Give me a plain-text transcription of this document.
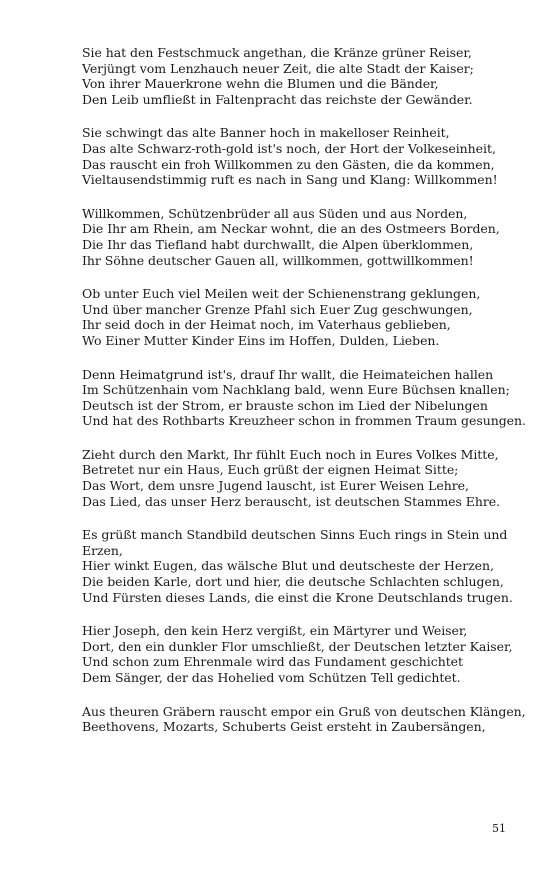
Sie hat den Festschmuck angethan, die Kränze grüner Reiser,
Verjüngt vom Lenzhauch neuer Zeit, die alte Stadt der Kaiser;
Von ihrer Mauerkrone wehn die Blumen und die Bänder,
Den Leib umfließt in Faltenpracht das reichste der Gewänder.
Sie schwingt das alte Banner hoch in makelloser Reinheit,
Das alte Schwarz-roth-gold ist's noch, der Hort der Volkeseinheit,
Das rauscht ein froh Willkommen zu den Gästen, die da kommen,
Vieltausendstimmig ruft es nach in Sang und Klang: Willkommen!
Willkommen, Schützenbrüder all aus Süden und aus Norden,
Die Ihr am Rhein, am Neckar wohnt, die an des Ostmeers Borden,
Die Ihr das Tiefland habt durchwallt, die Alpen überklommen,
Ihr Söhne deutscher Gauen all, willkommen, gottwillkommen!
Ob unter Euch viel Meilen weit der Schienenstrang geklungen,
Und über mancher Grenze Pfahl sich Euer Zug geschwungen,
Ihr seid doch in der Heimat noch, im Vaterhaus geblieben,
Wo Einer Mutter Kinder Eins im Hoffen, Dulden, Lieben.
Denn Heimatgrund ist's, drauf Ihr wallt, die Heimateichen hallen
Im Schützenhain vom Nachklang bald, wenn Eure Büchsen knallen;
Deutsch ist der Strom, er brauste schon im Lied der Nibelungen
Und hat des Rothbarts Kreuzheer schon in frommen Traum gesungen.
Zieht durch den Markt, Ihr fühlt Euch noch in Eures Volkes Mitte,
Betretet nur ein Haus, Euch grüßt der eignen Heimat Sitte;
Das Wort, dem unsre Jugend lauscht, ist Eurer Weisen Lehre,
Das Lied, das unser Herz berauscht, ist deutschen Stammes Ehre.
Es grüßt manch Standbild deutschen Sinns Euch rings in Stein und Erzen,
Hier winkt Eugen, das wälsche Blut und deutscheste der Herzen,
Die beiden Karle, dort und hier, die deutsche Schlachten schlugen,
Und Fürsten dieses Lands, die einst die Krone Deutschlands trugen.
Hier Joseph, den kein Herz vergißt, ein Märtyrer und Weiser,
Dort, den ein dunkler Flor umschließt, der Deutschen letzter Kaiser,
Und schon zum Ehrenmale wird das Fundament geschichtet
Dem Sänger, der das Hohelied vom Schützen Tell gedichtet.
Aus theuren Gräbern rauscht empor ein Gruß von deutschen Klängen,
Beethovens, Mozarts, Schuberts Geist ersteht in Zaubersängen,
51
